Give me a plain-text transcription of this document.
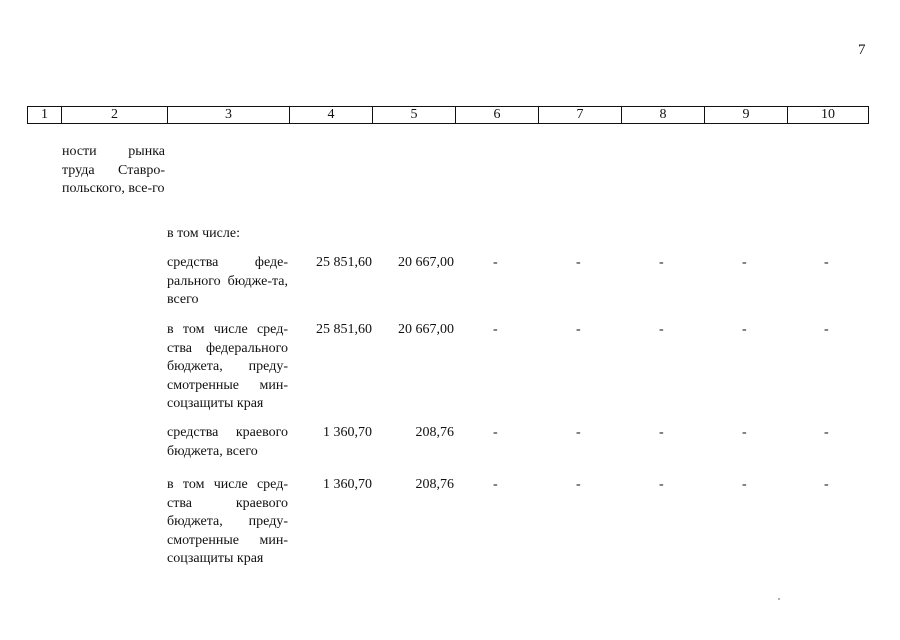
7
1	2	3	4	5	6	7	8	9	10
ности рынка труда Ставро-польского, все-го
в том числе:
средства феде-рального бюдже-та, всего
25 851,60	20 667,00	-	-	-	-	-
в том числе сред-ства федерального бюджета, преду-смотренные мин-соцзащиты края
25 851,60	20 667,00	-	-	-	-	-
средства краевого бюджета, всего
1 360,70	208,76	-	-	-	-	-
в том числе сред-ства краевого бюджета, преду-смотренные мин-соцзащиты края
1 360,70	208,76	-	-	-	-	-
